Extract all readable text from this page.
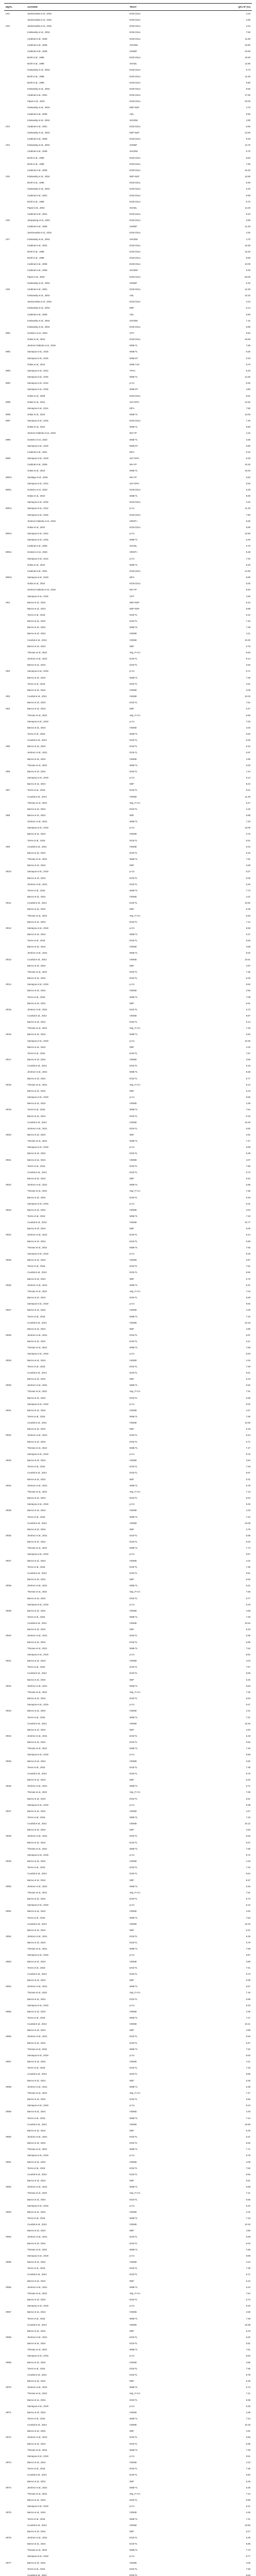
MQTL	AUTHOR	TRAIT	Q/% R² (%)
LR1	Janiszewska et al., 2016	ECB-CDLn	4.43
	Janiszewska et al., 2016	ECB-CDLn	4.90
LR2	Janiszewska et al., 2016	ECB-CDLn	3.34
	Krakowsky et al., 2004	ECB-CDLn	7.50
	Cardinal et al., 2006	ECB-CDLn	11.80
	Cardinal et al., 2006	SHVDM	10.90
	Cardinal et al., 2006	SHNDF	10.50
	Brohl et al., 1996	ECB-CDLn	10.50
	Brohl et al., 1996	SHADL	12.90
	Krakowsky et al., 2004	ECB-CDLn	6.73
	Brohl et al., 1996	ECB-CDLn	11.60
	Brohl et al., 1996	ECB-CDLn	9.80
	Krakowsky et al., 2004	ECB-CDLn	8.50
	Cardinal et al., 2001	ECB-CDLn	17.50
	Papst et al., 2004	ECB-CDLn	20.00
	Krakowsky et al., 2004	NDF-NDF	4.70
	Cardinal et al., 2006	ADL	9.90
	Krakowsky et al., 2004	SHVDM	4.90
LR3	Cardinal et al., 2001	ECB-CDLn	6.60
	Krakowsky et al., 2004	NDF-NDF	12.60
	Cardinal et al., 2006	ECB-CDLn	8.30
LR4	Krakowsky et al., 2004	SHNDF	13.70
	Cardinal et al., 2006	SHVDM	6.70
	Brohl et al., 1996	ECB-CDLn	8.60
	Brohl et al., 1996	ECB-CDLn	7.90
	Cardinal et al., 2006	ECB-CDLn	16.40
LR5	Krakowsky et al., 2004	NDF-NDF	10.80
	Brohl et al., 1996	ECB-CDLn	8.30
	Krakowsky et al., 2004	ECB-CDLn	6.30
	Cardinal et al., 2001	ECB-CDLn	9.80
	Brohl et al., 1996	ECB-CDLn	6.70
	Papst et al., 2004	SHADL	13.40
	Cardinal et al., 2001	ECB-CDLn	8.10
LR6	Jampatong et al., 2002	ECB-CDLn	3.90
	Cardinal et al., 2006	SHNDF	11.20
	Janiszewska et al., 2016	ECB-CDLn	4.20
LR7	Krakowsky et al., 2004	SHVDM	4.70
	Cardinal et al., 2001	ECB-CDLn	15.30
	Brohl et al., 1996	ECB-CDLn	10.20
	Brohl et al., 1996	ECB-CDLn	8.90
	Cardinal et al., 2006	ECB-CDLn	10.00
	Cardinal et al., 2006	SHVDM	9.40
	Papst et al., 2004	ECB-CDLn	50.00
	Krakowsky et al., 2004	SHNDF	6.40
LR8	Cardinal et al., 2001	ECB-CDLn	12.30
	Krakowsky et al., 2004	ADL	16.10
	Janiszewska et al., 2016	ECB-CDLn	3.24
	Krakowsky et al., 2004	NDF	5.14
	Cardinal et al., 2006	ADL	6.80
	Krakowsky et al., 2004	SHVDM	7.10
	Krakowsky et al., 2004	ECB-CDLn	5.89
MR1	Gesteiro et al., 2023	CFP	9.50
	Ordas et al., 2010	ECB-CDLn	26.50
	Jiménez-Galindo et al., 2019	MSB-TL	7.65
MR2	Samayoa et al., 2015	MSB-TL	9.30
	Samayoa et al., 2015	MSB-ST	5.40
	Ordas et al., 2010	MSB-YLD	9.70
MR3	Samayoa et al., 2014	TFHA	8.30
	Samayoa et al., 2015	MSB-TL	14.30
MR4	Samayoa et al., 2014	p-CA	6.50
	Samayoa et al., 2015	MSB-ST	3.80
	Ordas et al., 2009	ECB-CDLn	9.51
MR5	Ordas et al., 2010	SLF-DIFA	12.50
	Samayoa et al., 2014	DIFA	7.50
MR6	Ordas et al., 2010	MSB-TL	12.00
MR7	Samayoa et al., 2015	ECB-CDLn	7.30
	Ordas et al., 2010	MSB-TL	8.80
	Jiménez-Galindo et al., 2019	MH-YP	4.16
MR8	Gesteiro et al., 2023	MSB-TL	4.56
	Samayoa et al., 2015	MSB-ST	6.80
	Cardinal et al., 2001	DIFA	9.10
MR9	Samayoa et al., 2019	SLF-DIFA	8.30
	Cardinal et al., 2006	MH-YP	10.40
	Ordas et al., 2010	MSB-TL	10.00
MR10	Santiago et al., 2016	MH-YP	6.60
	Samayoa et al., 2014	SLF-DIFA	5.50
MR11	Gesteiro et al., 2023	ECB-CDLn	6.25
	Ordas et al., 2010	MSB-TL	8.90
	Samayoa et al., 2015	ECB-CDLn	4.40
MR12	Samayoa et al., 2014	p-CA	11.40
	Samayoa et al., 2015	ECB-CDLn	7.80
	Jiménez-Galindo et al., 2019	HRGP-I	8.30
	Ordas et al., 2010	ECB-CDLn	9.80
MR13	Samayoa et al., 2014	p-CA	12.80
	Samayoa et al., 2015	MSB-TL	6.40
	Cardinal et al., 2006	SHADL	5.70
MR14	Gesteiro et al., 2023	HRGP-I	9.48
	Samayoa et al., 2014	p-CA	7.20
	Ordas et al., 2010	MSB-TL	8.40
	Cardinal et al., 2001	ECB-CDLn	12.90
MR15	Samayoa et al., 2019	DIFA	8.90
	Ordas et al., 2010	ECB-CDLn	6.00
	Jiménez-Galindo et al., 2019	MH-YP	5.50
	Samayoa et al., 2015	CFP	4.90
SR1	Barros et al., 2024	NDF-NDF	6.44
	Barros et al., 2024	NDF-NDF	9.88
	Torres et al., 2015	ECB-TL	6.12
	Barros et al., 2024	ECB-TL	7.40
	Barros et al., 2024	MSB-TL	7.35
	Barros et al., 2024	IVDMD	4.11
	Courtial et al., 2013	IVDMD	10.20
	Barros et al., 2024	NDF	6.70
	Thomas et al., 2022	Ssp_F+CA	8.94
	Jiménez et al., 2021	ECB-TL	9.14
	Barros et al., 2024	ECB-TL	3.94
SR2	Samayoa et al., 2019	p-CA	8.71
	Barros et al., 2024	MSB-TL	7.35
	Torres et al., 2015	ECB-TL	4.51
	Barros et al., 2024	IVDMD	3.05
SR3	Courtial et al., 2013	IVDMD	10.03
	Barros et al., 2024	ECB-TL	7.61
SR4	Barros et al., 2024	NDF	5.47
	Thomas et al., 2022	Ssp_F+CA	5.66
	Samayoa et al., 2019	p-CA	7.03
	Barros et al., 2024	IVDMD	4.02
	Torres et al., 2015	MSB-TL	6.82
	Courtial et al., 2013	ECB-TL	8.45
SR5	Barros et al., 2024	ECB-TL	6.42
	Jiménez et al., 2021	ECB-TL	5.97
	Barros et al., 2024	IVDMD	4.90
	Thomas et al., 2022	MSB-TL	6.00
SR6	Barros et al., 2024	ECB-TL	7.44
	Samayoa et al., 2019	p-CA	9.12
	Barros et al., 2024	NDF	5.04
SR7	Torres et al., 2015	ECB-TL	8.21
	Courtial et al., 2013	IVDMD	11.30
	Thomas et al., 2022	Ssp_F+CA	6.27
	Barros et al., 2024	ECB-TL	4.33
SR8	Barros et al., 2024	NDF	5.88
	Jiménez et al., 2021	MSB-TL	7.20
	Samayoa et al., 2019	p-CA	10.05
	Barros et al., 2024	IVDMD	3.76
	Torres et al., 2015	ECB-TL	6.61
SR9	Courtial et al., 2013	IVDMD	9.44
	Barros et al., 2024	ECB-TL	5.32
	Thomas et al., 2022	MSB-TL	7.91
	Barros et al., 2024	NDF	4.68
SR10	Samayoa et al., 2019	p-CA	8.27
	Barros et al., 2024	ECB-TL	6.05
	Jiménez et al., 2021	ECB-TL	5.40
	Torres et al., 2015	MSB-TL	7.73
	Barros et al., 2024	IVDMD	4.21
SR11	Courtial et al., 2013	ECB-TL	10.92
	Barros et al., 2024	NDF	5.36
	Thomas et al., 2022	Ssp_F+CA	6.84
	Barros et al., 2024	ECB-TL	7.12
SR12	Samayoa et al., 2019	p-CA	9.58
	Barros et al., 2024	MSB-TL	6.47
	Torres et al., 2015	ECB-TL	5.93
	Barros et al., 2024	IVDMD	3.88
	Jiménez et al., 2021	MSB-TL	8.02
SR13	Courtial et al., 2013	IVDMD	10.61
	Barros et al., 2024	NDF	4.97
	Thomas et al., 2022	ECB-TL	7.36
	Barros et al., 2024	ECB-TL	6.29
SR14	Samayoa et al., 2019	p-CA	8.84
	Barros et al., 2024	IVDMD	4.55
	Torres et al., 2015	MSB-TL	7.08
	Barros et al., 2024	NDF	5.61
SR15	Jiménez et al., 2021	ECB-TL	6.73
	Courtial et al., 2013	IVDMD	9.87
	Barros et al., 2024	ECB-TL	5.14
	Thomas et al., 2022	Ssp_F+CA	7.49
SR16	Barros et al., 2024	MSB-TL	6.92
	Samayoa et al., 2019	p-CA	10.36
	Barros et al., 2024	NDF	4.43
	Torres et al., 2015	ECB-TL	7.87
SR17	Barros et al., 2024	IVDMD	3.69
	Courtial et al., 2013	ECB-TL	9.15
	Jiménez et al., 2021	MSB-TL	6.58
	Barros et al., 2024	ECB-TL	5.77
SR18	Thomas et al., 2022	Ssp_F+CA	8.12
	Barros et al., 2024	NDF	5.23
	Samayoa et al., 2019	p-CA	9.66
	Barros et al., 2024	IVDMD	4.38
SR19	Torres et al., 2015	MSB-TL	7.54
	Barros et al., 2024	ECB-TL	6.16
	Courtial et al., 2013	IVDMD	10.48
	Jiménez et al., 2021	ECB-TL	5.82
SR20	Barros et al., 2024	NDF	4.91
	Thomas et al., 2022	MSB-TL	7.27
	Samayoa et al., 2019	p-CA	8.59
	Barros et al., 2024	ECB-TL	6.38
SR21	Barros et al., 2024	IVDMD	4.07
	Torres et al., 2015	ECB-TL	7.95
	Courtial et al., 2013	ECB-TL	9.73
	Barros et al., 2024	NDF	5.52
SR22	Jiménez et al., 2021	MSB-TL	6.86
	Thomas et al., 2022	Ssp_F+CA	7.68
	Barros et al., 2024	ECB-TL	5.49
	Samayoa et al., 2019	p-CA	9.31
SR23	Barros et al., 2024	IVDMD	4.64
	Torres et al., 2015	MSB-TL	7.19
	Courtial et al., 2013	IVDMD	10.77
	Barros et al., 2024	NDF	5.09
SR24	Jiménez et al., 2021	ECB-TL	6.44
	Barros et al., 2024	ECB-TL	5.96
	Thomas et al., 2022	MSB-TL	7.83
	Samayoa et al., 2019	p-CA	8.48
SR25	Barros et al., 2024	IVDMD	3.97
	Torres et al., 2015	ECB-TL	7.61
	Courtial et al., 2013	ECB-TL	9.92
	Barros et al., 2024	NDF	5.70
SR26	Jiménez et al., 2021	MSB-TL	6.31
	Thomas et al., 2022	Ssp_F+CA	7.04
	Barros et al., 2024	ECB-TL	5.58
	Samayoa et al., 2019	p-CA	9.84
SR27	Barros et al., 2024	IVDMD	4.29
	Torres et al., 2015	MSB-TL	7.42
	Courtial et al., 2013	IVDMD	10.19
	Barros et al., 2024	NDF	4.86
SR28	Jiménez et al., 2021	ECB-TL	6.67
	Barros et al., 2024	ECB-TL	6.11
	Thomas et al., 2022	MSB-TL	7.58
	Samayoa et al., 2019	p-CA	8.93
SR29	Barros et al., 2024	IVDMD	4.15
	Torres et al., 2015	ECB-TL	7.29
	Courtial et al., 2013	ECB-TL	9.61
	Barros et al., 2024	NDF	5.43
SR30	Jiménez et al., 2021	MSB-TL	6.52
	Thomas et al., 2022	Ssp_F+CA	7.91
	Barros et al., 2024	ECB-TL	5.88
	Samayoa et al., 2019	p-CA	9.02
SR31	Barros et al., 2024	IVDMD	4.47
	Torres et al., 2015	MSB-TL	7.66
	Courtial et al., 2013	IVDMD	10.35
	Barros et al., 2024	NDF	5.18
SR32	Jiménez et al., 2021	ECB-TL	6.24
	Barros et al., 2024	ECB-TL	5.71
	Thomas et al., 2022	MSB-TL	7.37
	Samayoa et al., 2019	p-CA	8.76
SR33	Barros et al., 2024	IVDMD	3.84
	Torres et al., 2015	ECB-TL	7.48
	Courtial et al., 2013	ECB-TL	9.57
	Barros et al., 2024	NDF	5.31
SR34	Jiménez et al., 2021	MSB-TL	6.79
	Thomas et al., 2022	Ssp_F+CA	7.13
	Barros et al., 2024	ECB-TL	5.64
	Samayoa et al., 2019	p-CA	9.45
SR35	Barros et al., 2024	IVDMD	4.33
	Torres et al., 2015	MSB-TL	7.22
	Courtial et al., 2013	IVDMD	10.08
	Barros et al., 2024	NDF	4.79
SR36	Jiménez et al., 2021	ECB-TL	6.58
	Barros et al., 2024	ECB-TL	6.02
	Thomas et al., 2022	MSB-TL	7.74
	Samayoa et al., 2019	p-CA	8.67
SR37	Barros et al., 2024	IVDMD	4.22
	Torres et al., 2015	ECB-TL	7.35
	Courtial et al., 2013	ECB-TL	9.81
	Barros et al., 2024	NDF	5.62
SR38	Jiménez et al., 2021	MSB-TL	6.41
	Thomas et al., 2022	Ssp_F+CA	7.56
	Barros et al., 2024	ECB-TL	5.77
	Samayoa et al., 2019	p-CA	9.19
SR39	Barros et al., 2024	IVDMD	4.58
	Torres et al., 2015	MSB-TL	7.49
	Courtial et al., 2013	IVDMD	10.54
	Barros et al., 2024	NDF	5.26
SR40	Jiménez et al., 2021	ECB-TL	6.35
	Barros et al., 2024	ECB-TL	5.85
	Thomas et al., 2022	MSB-TL	7.64
	Samayoa et al., 2019	p-CA	8.81
SR41	Barros et al., 2024	IVDMD	4.04
	Torres et al., 2015	ECB-TL	7.57
	Courtial et al., 2013	ECB-TL	9.69
	Barros et al., 2024	NDF	5.45
SR42	Jiménez et al., 2021	MSB-TL	6.63
	Thomas et al., 2022	Ssp_F+CA	7.25
	Barros et al., 2024	ECB-TL	5.53
	Samayoa et al., 2019	p-CA	9.27
SR43	Barros et al., 2024	IVDMD	4.41
	Torres et al., 2015	MSB-TL	7.31
	Courtial et al., 2013	IVDMD	10.26
	Barros et al., 2024	NDF	4.94
SR44	Jiménez et al., 2021	ECB-TL	6.49
	Barros et al., 2024	ECB-TL	5.92
	Thomas et al., 2022	MSB-TL	7.45
	Samayoa et al., 2019	p-CA	8.58
SR45	Barros et al., 2024	IVDMD	3.92
	Torres et al., 2015	ECB-TL	7.38
	Courtial et al., 2013	ECB-TL	9.76
	Barros et al., 2024	NDF	5.34
SR46	Jiménez et al., 2021	MSB-TL	6.71
	Thomas et al., 2022	Ssp_F+CA	7.09
	Barros et al., 2024	ECB-TL	5.61
	Samayoa et al., 2019	p-CA	9.38
SR47	Barros et al., 2024	IVDMD	4.27
	Torres et al., 2015	MSB-TL	7.15
	Courtial et al., 2013	IVDMD	10.12
	Barros et al., 2024	NDF	4.83
SR48	Jiménez et al., 2021	ECB-TL	6.62
	Barros et al., 2024	ECB-TL	6.07
	Thomas et al., 2022	MSB-TL	7.69
	Samayoa et al., 2019	p-CA	8.72
SR49	Barros et al., 2024	IVDMD	4.18
	Torres et al., 2015	ECB-TL	7.42
	Courtial et al., 2013	ECB-TL	9.64
	Barros et al., 2024	NDF	5.57
SR50	Jiménez et al., 2021	MSB-TL	6.46
	Thomas et al., 2022	Ssp_F+CA	7.61
	Barros et al., 2024	ECB-TL	5.72
	Samayoa et al., 2019	p-CA	9.13
SR51	Barros et al., 2024	IVDMD	4.52
	Torres et al., 2015	MSB-TL	7.53
	Courtial et al., 2013	IVDMD	10.43
	Barros et al., 2024	NDF	5.21
SR52	Jiménez et al., 2021	ECB-TL	6.29
	Barros et al., 2024	ECB-TL	5.79
	Thomas et al., 2022	MSB-TL	7.58
	Samayoa et al., 2019	p-CA	8.87
SR53	Barros et al., 2024	IVDMD	3.99
	Torres et al., 2015	ECB-TL	7.51
	Courtial et al., 2013	ECB-TL	9.73
	Barros et al., 2024	NDF	5.39
SR54	Jiménez et al., 2021	MSB-TL	6.57
	Thomas et al., 2022	Ssp_F+CA	7.19
	Barros et al., 2024	ECB-TL	5.58
	Samayoa et al., 2019	p-CA	9.33
SR55	Barros et al., 2024	IVDMD	4.36
	Torres et al., 2015	MSB-TL	7.27
	Courtial et al., 2013	IVDMD	10.21
	Barros et al., 2024	NDF	4.88
SR56	Jiménez et al., 2021	ECB-TL	6.53
	Barros et al., 2024	ECB-TL	5.97
	Thomas et al., 2022	MSB-TL	7.52
	Samayoa et al., 2019	p-CA	8.63
SR57	Barros et al., 2024	IVDMD	4.11
	Torres et al., 2015	ECB-TL	7.33
	Courtial et al., 2013	ECB-TL	9.85
	Barros et al., 2024	NDF	5.48
SR58	Jiménez et al., 2021	MSB-TL	6.38
	Thomas et al., 2022	Ssp_F+CA	7.47
	Barros et al., 2024	ECB-TL	5.66
	Samayoa et al., 2019	p-CA	9.24
SR59	Barros et al., 2024	IVDMD	4.49
	Torres et al., 2015	MSB-TL	7.44
	Courtial et al., 2013	IVDMD	10.59
	Barros et al., 2024	NDF	5.29
SR60	Jiménez et al., 2021	ECB-TL	6.41
	Barros et al., 2024	ECB-TL	5.83
	Thomas et al., 2022	MSB-TL	7.71
	Samayoa et al., 2019	p-CA	8.79
SR61	Barros et al., 2024	IVDMD	4.09
	Torres et al., 2015	ECB-TL	7.62
	Courtial et al., 2013	ECB-TL	9.66
	Barros et al., 2024	NDF	5.51
SR62	Jiménez et al., 2021	MSB-TL	6.68
	Thomas et al., 2022	Ssp_F+CA	7.21
	Barros et al., 2024	ECB-TL	5.55
	Samayoa et al., 2019	p-CA	9.42
SR63	Barros et al., 2024	IVDMD	4.31
	Torres et al., 2015	MSB-TL	7.18
	Courtial et al., 2013	IVDMD	10.15
	Barros et al., 2024	NDF	4.86
SR64	Jiménez et al., 2021	ECB-TL	6.59
	Barros et al., 2024	ECB-TL	6.04
	Thomas et al., 2022	MSB-TL	7.66
	Samayoa et al., 2019	p-CA	8.69
SR65	Barros et al., 2024	IVDMD	4.24
	Torres et al., 2015	ECB-TL	7.39
	Courtial et al., 2013	ECB-TL	9.71
	Barros et al., 2024	NDF	5.44
SR66	Jiménez et al., 2021	MSB-TL	6.43
	Thomas et al., 2022	Ssp_F+CA	7.54
	Barros et al., 2024	ECB-TL	5.74
	Samayoa et al., 2019	p-CA	9.16
SR67	Barros et al., 2024	IVDMD	4.55
	Torres et al., 2015	MSB-TL	7.48
	Courtial et al., 2013	IVDMD	10.38
	Barros et al., 2024	NDF	5.23
SR68	Jiménez et al., 2021	ECB-TL	6.32
	Barros et al., 2024	ECB-TL	5.81
	Thomas et al., 2022	MSB-TL	7.61
	Samayoa et al., 2019	p-CA	8.84
SR69	Barros et al., 2024	IVDMD	3.96
	Torres et al., 2015	ECB-TL	7.55
	Courtial et al., 2013	ECB-TL	9.78
	Barros et al., 2024	NDF	5.36
SR70	Jiménez et al., 2021	MSB-TL	6.74
	Thomas et al., 2022	Ssp_F+CA	7.11
	Barros et al., 2024	ECB-TL	5.59
	Samayoa et al., 2019	p-CA	9.35
SR71	Barros et al., 2024	IVDMD	4.38
	Torres et al., 2015	MSB-TL	7.24
	Courtial et al., 2013	IVDMD	10.18
	Barros et al., 2024	NDF	4.91
SR72	Jiménez et al., 2021	ECB-TL	6.56
	Barros et al., 2024	ECB-TL	5.99
	Thomas et al., 2022	MSB-TL	7.49
	Samayoa et al., 2019	p-CA	8.61
SR73	Barros et al., 2024	IVDMD	4.13
	Torres et al., 2015	ECB-TL	7.36
	Courtial et al., 2013	ECB-TL	9.82
	Barros et al., 2024	NDF	5.46
SR74	Jiménez et al., 2021	MSB-TL	6.36
	Thomas et al., 2022	Ssp_F+CA	7.44
	Barros et al., 2024	ECB-TL	5.68
	Samayoa et al., 2019	p-CA	9.21
SR75	Barros et al., 2024	IVDMD	4.46
	Torres et al., 2015	MSB-TL	7.41
	Courtial et al., 2013	IVDMD	10.56
	Barros et al., 2024	NDF	5.27
SR76	Jiménez et al., 2021	ECB-TL	6.39
	Barros et al., 2024	ECB-TL	5.86
	Thomas et al., 2022	MSB-TL	7.73
	Samayoa et al., 2019	p-CA	8.77
SR77	Barros et al., 2024	IVDMD	4.06
	Torres et al., 2015	ECB-TL	7.59
	Courtial et al., 2013	ECB-TL	9.63
